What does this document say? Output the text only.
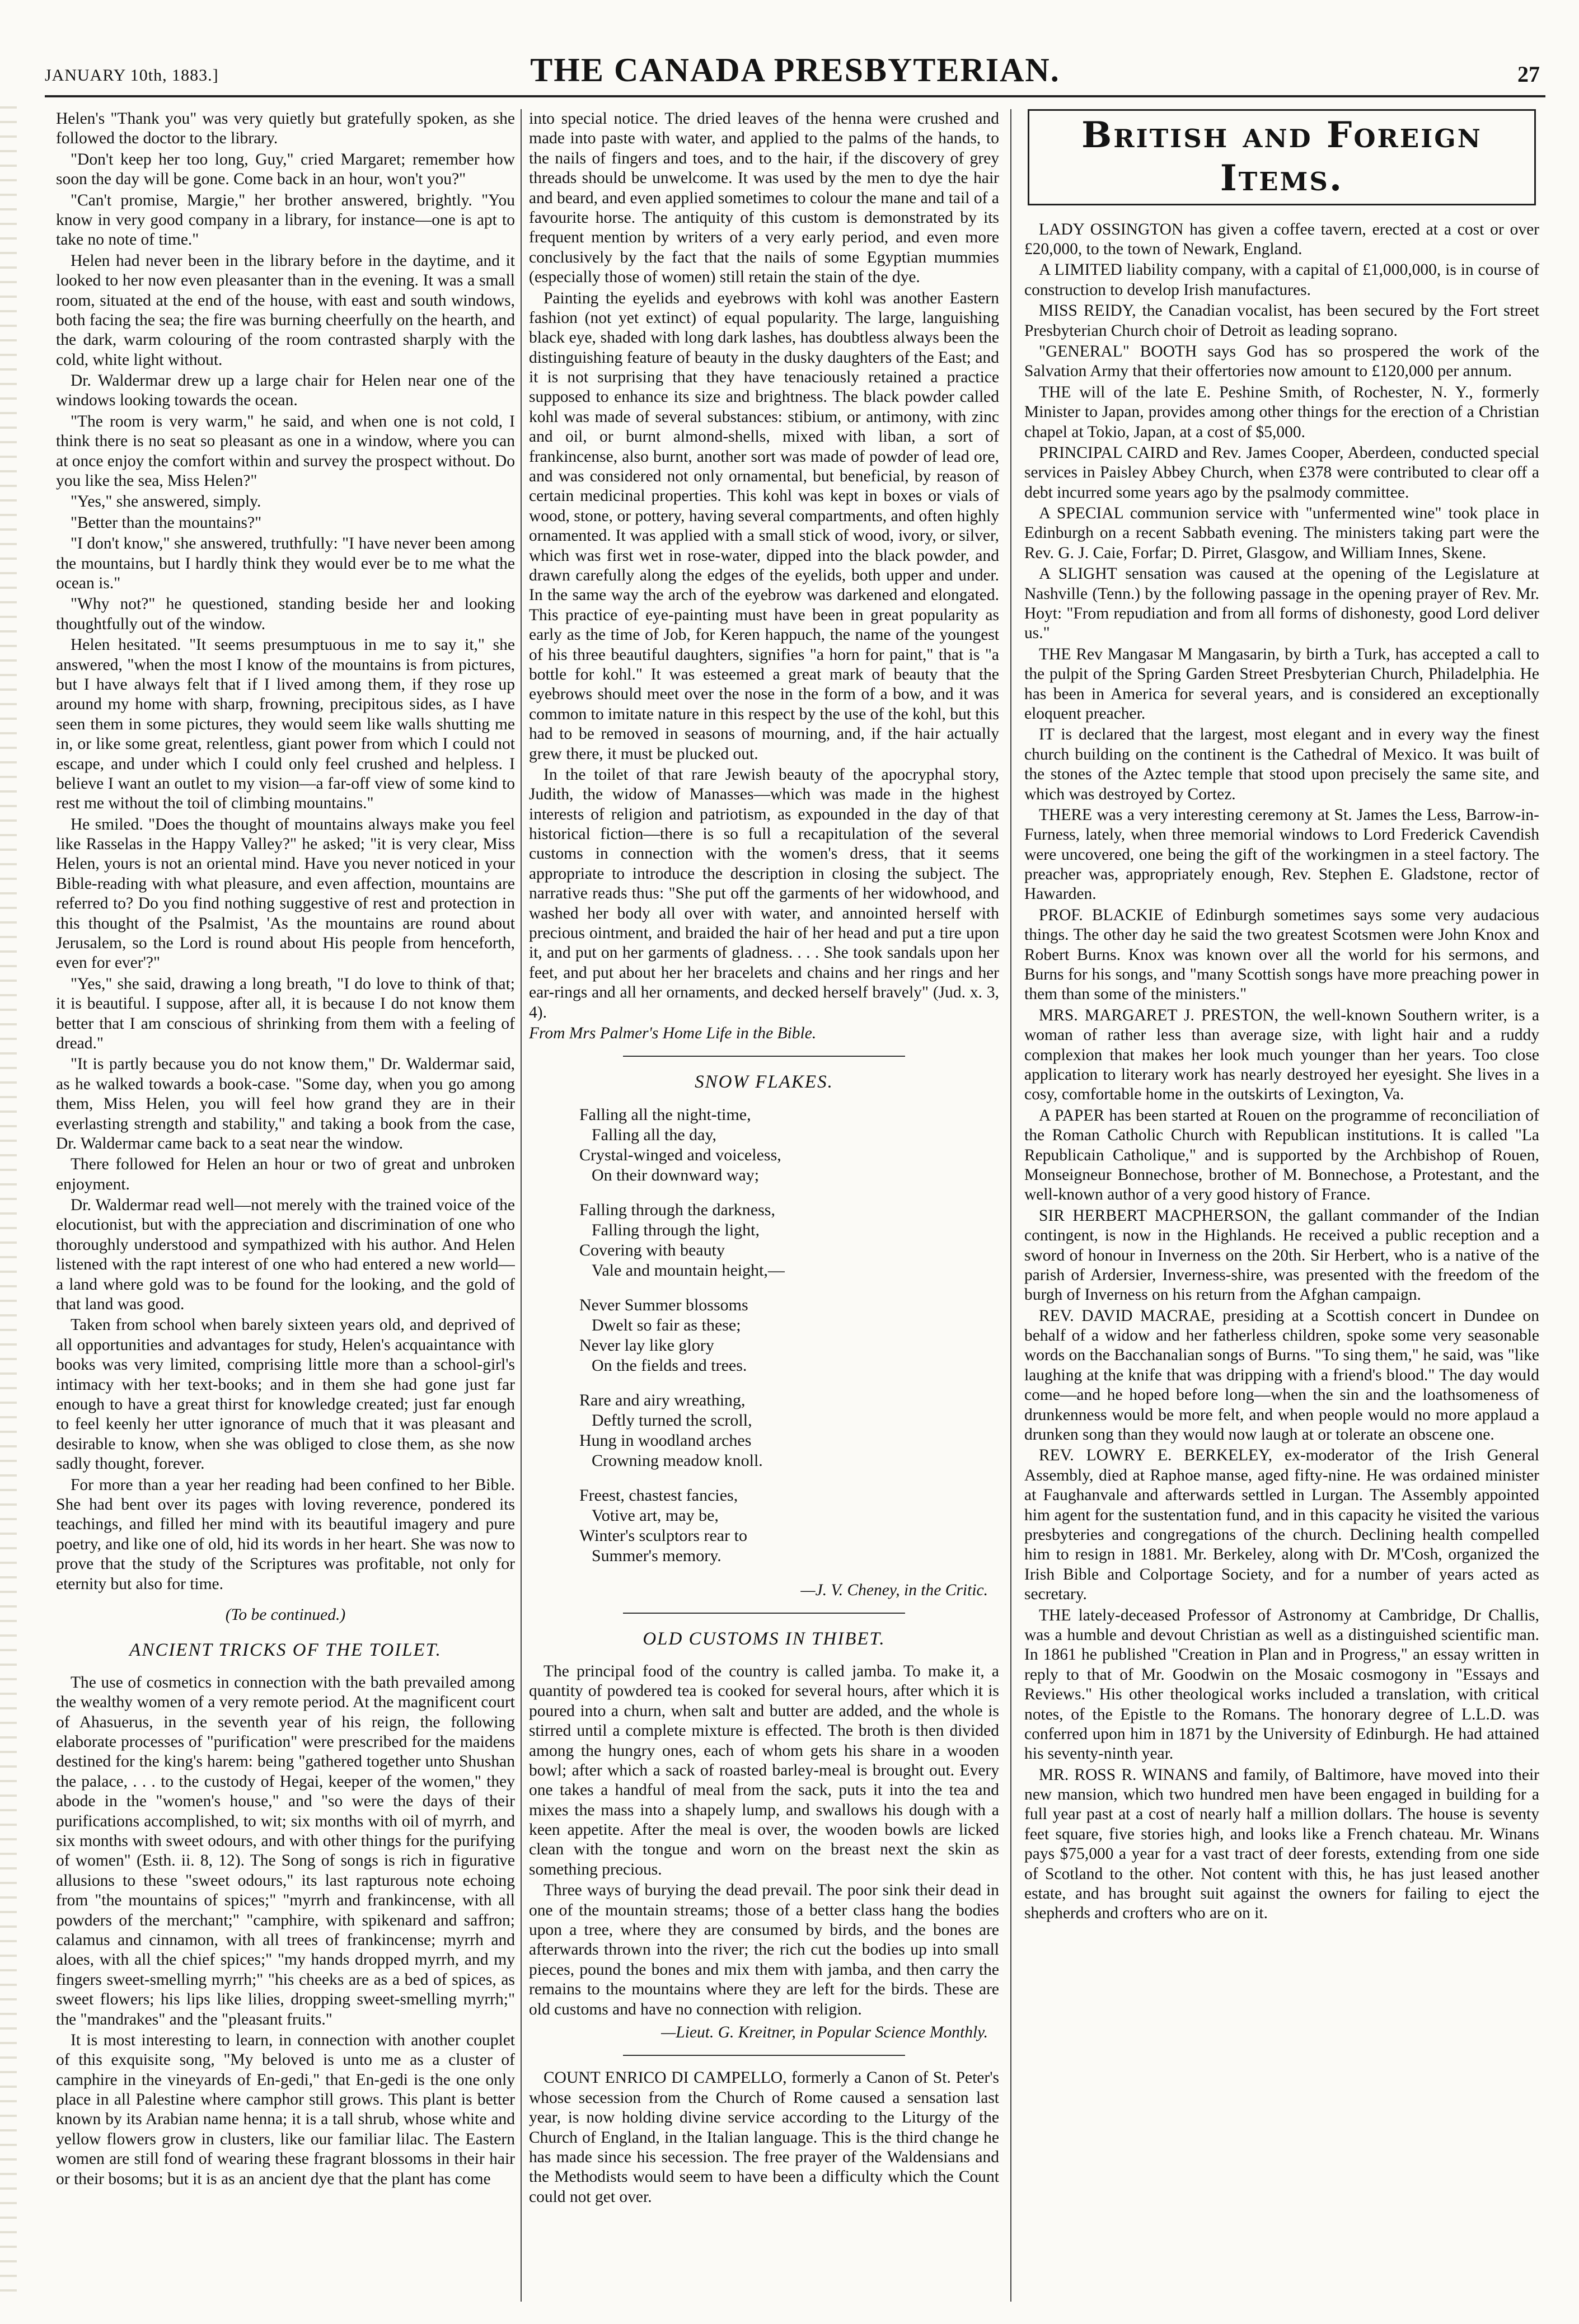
JANUARY 10th, 1883.]	THE CANADA PRESBYTERIAN.	27

Helen's "Thank you" was very quietly but gratefully spoken, as she followed the doctor to the library.

"Don't keep her too long, Guy," cried Margaret; remember how soon the day will be gone. Come back in an hour, won't you?"

"Can't promise, Margie," her brother answered, brightly. "You know in very good company in a library, for instance—one is apt to take no note of time."

Helen had never been in the library before in the daytime, and it looked to her now even pleasanter than in the evening. It was a small room, situated at the end of the house, with east and south windows, both facing the sea; the fire was burning cheerfully on the hearth, and the dark, warm colouring of the room contrasted sharply with the cold, white light without.

Dr. Waldermar drew up a large chair for Helen near one of the windows looking towards the ocean.

"The room is very warm," he said, and when one is not cold, I think there is no seat so pleasant as one in a window, where you can at once enjoy the comfort within and survey the prospect without. Do you like the sea, Miss Helen?"

"Yes," she answered, simply.

"Better than the mountains?"

"I don't know," she answered, truthfully: "I have never been among the mountains, but I hardly think they would ever be to me what the ocean is."

"Why not?" he questioned, standing beside her and looking thoughtfully out of the window.

Helen hesitated. "It seems presumptuous in me to say it," she answered, "when the most I know of the mountains is from pictures, but I have always felt that if I lived among them, if they rose up around my home with sharp, frowning, precipitous sides, as I have seen them in some pictures, they would seem like walls shutting me in, or like some great, relentless, giant power from which I could not escape, and under which I could only feel crushed and helpless. I believe I want an outlet to my vision—a far-off view of some kind to rest me without the toil of climbing mountains."

He smiled. "Does the thought of mountains always make you feel like Rasselas in the Happy Valley?" he asked; "it is very clear, Miss Helen, yours is not an oriental mind. Have you never noticed in your Bible-reading with what pleasure, and even affection, mountains are referred to? Do you find nothing suggestive of rest and protection in this thought of the Psalmist, 'As the mountains are round about Jerusalem, so the Lord is round about His people from henceforth, even for ever'?"

"Yes," she said, drawing a long breath, "I do love to think of that; it is beautiful. I suppose, after all, it is because I do not know them better that I am conscious of shrinking from them with a feeling of dread."

"It is partly because you do not know them," Dr. Waldermar said, as he walked towards a book-case. "Some day, when you go among them, Miss Helen, you will feel how grand they are in their everlasting strength and stability," and taking a book from the case, Dr. Waldermar came back to a seat near the window.

There followed for Helen an hour or two of great and unbroken enjoyment.

Dr. Waldermar read well—not merely with the trained voice of the elocutionist, but with the appreciation and discrimination of one who thoroughly understood and sympathized with his author. And Helen listened with the rapt interest of one who had entered a new world—a land where gold was to be found for the looking, and the gold of that land was good.

Taken from school when barely sixteen years old, and deprived of all opportunities and advantages for study, Helen's acquaintance with books was very limited, comprising little more than a school-girl's intimacy with her text-books; and in them she had gone just far enough to have a great thirst for knowledge created; just far enough to feel keenly her utter ignorance of much that it was pleasant and desirable to know, when she was obliged to close them, as she now sadly thought, forever.

For more than a year her reading had been confined to her Bible. She had bent over its pages with loving reverence, pondered its teachings, and filled her mind with its beautiful imagery and pure poetry, and like one of old, hid its words in her heart. She was now to prove that the study of the Scriptures was profitable, not only for eternity but also for time.

(To be continued.)
ANCIENT TRICKS OF THE TOILET.

The use of cosmetics in connection with the bath prevailed among the wealthy women of a very remote period. At the magnificent court of Ahasuerus, in the seventh year of his reign, the following elaborate processes of "purification" were prescribed for the maidens destined for the king's harem: being "gathered together unto Shushan the palace, . . . to the custody of Hegai, keeper of the women," they abode in the "women's house," and "so were the days of their purifications accomplished, to wit; six months with oil of myrrh, and six months with sweet odours, and with other things for the purifying of women" (Esth. ii. 8, 12). The Song of songs is rich in figurative allusions to these "sweet odours," its last rapturous note echoing from "the mountains of spices;" "myrrh and frankincense, with all powders of the merchant;" "camphire, with spikenard and saffron; calamus and cinnamon, with all trees of frankincense; myrrh and aloes, with all the chief spices;" "my hands dropped myrrh, and my fingers sweet-smelling myrrh;" "his cheeks are as a bed of spices, as sweet flowers; his lips like lilies, dropping sweet-smelling myrrh;" the "mandrakes" and the "pleasant fruits."

It is most interesting to learn, in connection with another couplet of this exquisite song, "My beloved is unto me as a cluster of camphire in the vineyards of En-gedi," that En-gedi is the one only place in all Palestine where camphor still grows. This plant is better known by its Arabian name henna; it is a tall shrub, whose white and yellow flowers grow in clusters, like our familiar lilac. The Eastern women are still fond of wearing these fragrant blossoms in their hair or their bosoms; but it is as an ancient dye that the plant has come

into special notice. The dried leaves of the henna were crushed and made into paste with water, and applied to the palms of the hands, to the nails of fingers and toes, and to the hair, if the discovery of grey threads should be unwelcome. It was used by the men to dye the hair and beard, and even applied sometimes to colour the mane and tail of a favourite horse. The antiquity of this custom is demonstrated by its frequent mention by writers of a very early period, and even more conclusively by the fact that the nails of some Egyptian mummies (especially those of women) still retain the stain of the dye.

Painting the eyelids and eyebrows with kohl was another Eastern fashion (not yet extinct) of equal popularity. The large, languishing black eye, shaded with long dark lashes, has doubtless always been the distinguishing feature of beauty in the dusky daughters of the East; and it is not surprising that they have tenaciously retained a practice supposed to enhance its size and brightness. The black powder called kohl was made of several substances: stibium, or antimony, with zinc and oil, or burnt almond-shells, mixed with liban, a sort of frankincense, also burnt, another sort was made of powder of lead ore, and was considered not only ornamental, but beneficial, by reason of certain medicinal properties. This kohl was kept in boxes or vials of wood, stone, or pottery, having several compartments, and often highly ornamented. It was applied with a small stick of wood, ivory, or silver, which was first wet in rose-water, dipped into the black powder, and drawn carefully along the edges of the eyelids, both upper and under. In the same way the arch of the eyebrow was darkened and elongated. This practice of eye-painting must have been in great popularity as early as the time of Job, for Keren happuch, the name of the youngest of his three beautiful daughters, signifies "a horn for paint," that is "a bottle for kohl." It was esteemed a great mark of beauty that the eyebrows should meet over the nose in the form of a bow, and it was common to imitate nature in this respect by the use of the kohl, but this had to be removed in seasons of mourning, and, if the hair actually grew there, it must be plucked out.

In the toilet of that rare Jewish beauty of the apocryphal story, Judith, the widow of Manasses—which was made in the highest interests of religion and patriotism, as expounded in the day of that historical fiction—there is so full a recapitulation of the several customs in connection with the women's dress, that it seems appropriate to introduce the description in closing the subject. The narrative reads thus: "She put off the garments of her widowhood, and washed her body all over with water, and annointed herself with precious ointment, and braided the hair of her head and put a tire upon it, and put on her garments of gladness. . . . She took sandals upon her feet, and put about her her bracelets and chains and her rings and her ear-rings and all her ornaments, and decked herself bravely" (Jud. x. 3, 4).

From Mrs Palmer's Home Life in the Bible.
SNOW FLAKES.
Falling all the night-time,
Falling all the day,
Crystal-winged and voiceless,
On their downward way;
Falling through the darkness,
Falling through the light,
Covering with beauty
Vale and mountain height,—
Never Summer blossoms
Dwelt so fair as these;
Never lay like glory
On the fields and trees.
Rare and airy wreathing,
Deftly turned the scroll,
Hung in woodland arches
Crowning meadow knoll.
Freest, chastest fancies,
Votive art, may be,
Winter's sculptors rear to
Summer's memory.
—J. V. Cheney, in the Critic.
OLD CUSTOMS IN THIBET.

The principal food of the country is called jamba. To make it, a quantity of powdered tea is cooked for several hours, after which it is poured into a churn, when salt and butter are added, and the whole is stirred until a complete mixture is effected. The broth is then divided among the hungry ones, each of whom gets his share in a wooden bowl; after which a sack of roasted barley-meal is brought out. Every one takes a handful of meal from the sack, puts it into the tea and mixes the mass into a shapely lump, and swallows his dough with a keen appetite. After the meal is over, the wooden bowls are licked clean with the tongue and worn on the breast next the skin as something precious.

Three ways of burying the dead prevail. The poor sink their dead in one of the mountain streams; those of a better class hang the bodies upon a tree, where they are consumed by birds, and the bones are afterwards thrown into the river; the rich cut the bodies up into small pieces, pound the bones and mix them with jamba, and then carry the remains to the mountains where they are left for the birds. These are old customs and have no connection with religion.

—Lieut. G. Kreitner, in Popular Science Monthly.

COUNT ENRICO DI CAMPELLO, formerly a Canon of St. Peter's whose secession from the Church of Rome caused a sensation last year, is now holding divine service according to the Liturgy of the Church of England, in the Italian language. This is the third change he has made since his secession. The free prayer of the Waldensians and the Methodists would seem to have been a difficulty which the Count could not get over.

British and Foreign Items.

LADY OSSINGTON has given a coffee tavern, erected at a cost or over £20,000, to the town of Newark, England.

A LIMITED liability company, with a capital of £1,000,000, is in course of construction to develop Irish manufactures.

MISS REIDY, the Canadian vocalist, has been secured by the Fort street Presbyterian Church choir of Detroit as leading soprano.

"GENERAL" BOOTH says God has so prospered the work of the Salvation Army that their offertories now amount to £120,000 per annum.

THE will of the late E. Peshine Smith, of Rochester, N. Y., formerly Minister to Japan, provides among other things for the erection of a Christian chapel at Tokio, Japan, at a cost of $5,000.

PRINCIPAL CAIRD and Rev. James Cooper, Aberdeen, conducted special services in Paisley Abbey Church, when £378 were contributed to clear off a debt incurred some years ago by the psalmody committee.

A SPECIAL communion service with "unfermented wine" took place in Edinburgh on a recent Sabbath evening. The ministers taking part were the Rev. G. J. Caie, Forfar; D. Pirret, Glasgow, and William Innes, Skene.

A SLIGHT sensation was caused at the opening of the Legislature at Nashville (Tenn.) by the following passage in the opening prayer of Rev. Mr. Hoyt: "From repudiation and from all forms of dishonesty, good Lord deliver us."

THE Rev Mangasar M Mangasarin, by birth a Turk, has accepted a call to the pulpit of the Spring Garden Street Presbyterian Church, Philadelphia. He has been in America for several years, and is considered an exceptionally eloquent preacher.

IT is declared that the largest, most elegant and in every way the finest church building on the continent is the Cathedral of Mexico. It was built of the stones of the Aztec temple that stood upon precisely the same site, and which was destroyed by Cortez.

THERE was a very interesting ceremony at St. James the Less, Barrow-in-Furness, lately, when three memorial windows to Lord Frederick Cavendish were uncovered, one being the gift of the workingmen in a steel factory. The preacher was, appropriately enough, Rev. Stephen E. Gladstone, rector of Hawarden.

PROF. BLACKIE of Edinburgh sometimes says some very audacious things. The other day he said the two greatest Scotsmen were John Knox and Robert Burns. Knox was known over all the world for his sermons, and Burns for his songs, and "many Scottish songs have more preaching power in them than some of the ministers."

MRS. MARGARET J. PRESTON, the well-known Southern writer, is a woman of rather less than average size, with light hair and a ruddy complexion that makes her look much younger than her years. Too close application to literary work has nearly destroyed her eyesight. She lives in a cosy, comfortable home in the outskirts of Lexington, Va.

A PAPER has been started at Rouen on the programme of reconciliation of the Roman Catholic Church with Republican institutions. It is called "La Republicain Catholique," and is supported by the Archbishop of Rouen, Monseigneur Bonnechose, brother of M. Bonnechose, a Protestant, and the well-known author of a very good history of France.

SIR HERBERT MACPHERSON, the gallant commander of the Indian contingent, is now in the Highlands. He received a public reception and a sword of honour in Inverness on the 20th. Sir Herbert, who is a native of the parish of Ardersier, Inverness-shire, was presented with the freedom of the burgh of Inverness on his return from the Afghan campaign.

REV. DAVID MACRAE, presiding at a Scottish concert in Dundee on behalf of a widow and her fatherless children, spoke some very seasonable words on the Bacchanalian songs of Burns. "To sing them," he said, was "like laughing at the knife that was dripping with a friend's blood." The day would come—and he hoped before long—when the sin and the loathsomeness of drunkenness would be more felt, and when people would no more applaud a drunken song than they would now laugh at or tolerate an obscene one.

REV. LOWRY E. BERKELEY, ex-moderator of the Irish General Assembly, died at Raphoe manse, aged fifty-nine. He was ordained minister at Faughanvale and afterwards settled in Lurgan. The Assembly appointed him agent for the sustentation fund, and in this capacity he visited the various presbyteries and congregations of the church. Declining health compelled him to resign in 1881. Mr. Berkeley, along with Dr. M'Cosh, organized the Irish Bible and Colportage Society, and for a number of years acted as secretary.

THE lately-deceased Professor of Astronomy at Cambridge, Dr Challis, was a humble and devout Christian as well as a distinguished scientific man. In 1861 he published "Creation in Plan and in Progress," an essay written in reply to that of Mr. Goodwin on the Mosaic cosmogony in "Essays and Reviews." His other theological works included a translation, with critical notes, of the Epistle to the Romans. The honorary degree of L.L.D. was conferred upon him in 1871 by the University of Edinburgh. He had attained his seventy-ninth year.

MR. ROSS R. WINANS and family, of Baltimore, have moved into their new mansion, which two hundred men have been engaged in building for a full year past at a cost of nearly half a million dollars. The house is seventy feet square, five stories high, and looks like a French chateau. Mr. Winans pays $75,000 a year for a vast tract of deer forests, extending from one side of Scotland to the other. Not content with this, he has just leased another estate, and has brought suit against the owners for failing to eject the shepherds and crofters who are on it.
